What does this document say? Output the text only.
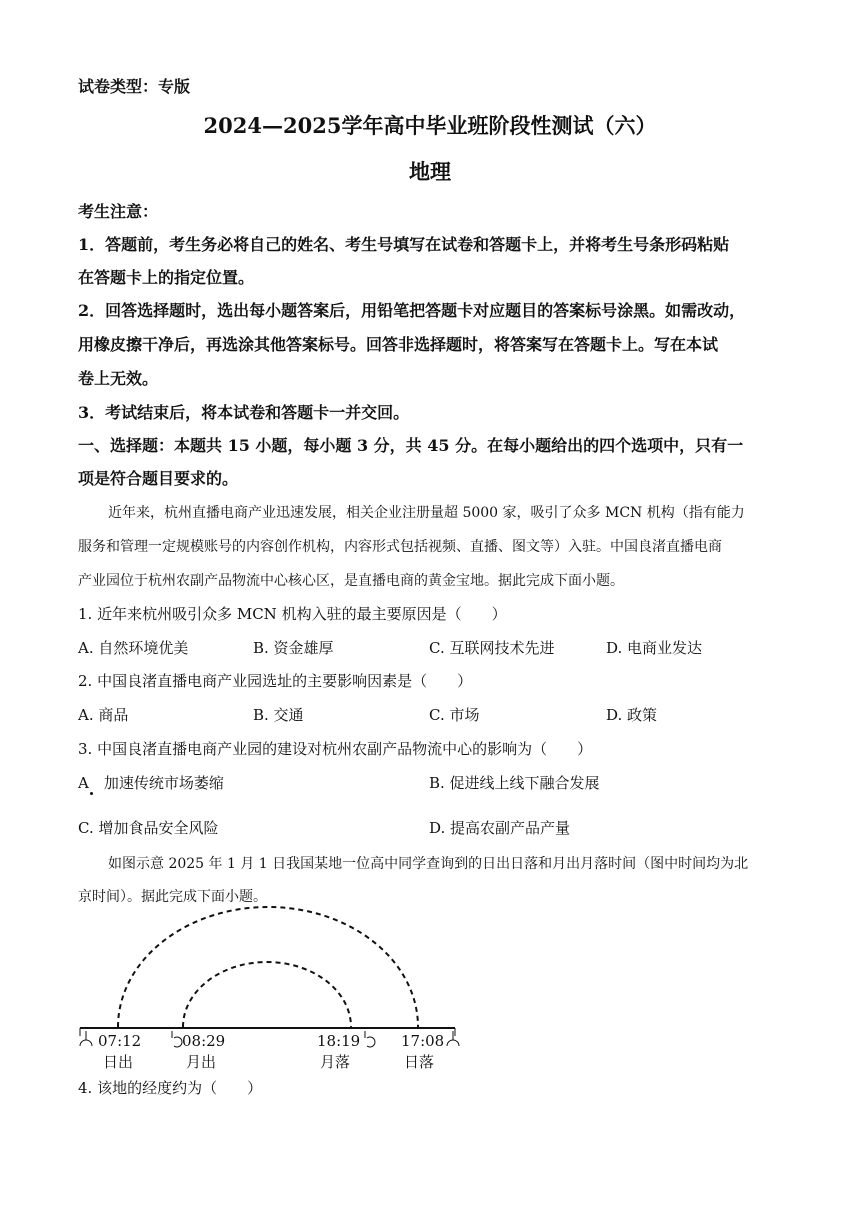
试卷类型：专版
2024—2025学年高中毕业班阶段性测试（六）
地理
考生注意：
1．答题前，考生务必将自己的姓名、考生号填写在试卷和答题卡上，并将考生号条形码粘贴
在答题卡上的指定位置。
2．回答选择题时，选出每小题答案后，用铅笔把答题卡对应题目的答案标号涂黑。如需改动，
用橡皮擦干净后，再选涂其他答案标号。回答非选择题时，将答案写在答题卡上。写在本试
卷上无效。
3．考试结束后，将本试卷和答题卡一并交回。
一、选择题：本题共 15 小题，每小题 3 分，共 45 分。在每小题给出的四个选项中，只有一
项是符合题目要求的。
近年来，杭州直播电商产业迅速发展，相关企业注册量超 5000 家，吸引了众多 MCN 机构（指有能力
服务和管理一定规模账号的内容创作机构，内容形式包括视频、直播、图文等）入驻。中国良渚直播电商
产业园位于杭州农副产品物流中心核心区，是直播电商的黄金宝地。据此完成下面小题。
1. 近年来杭州吸引众多 MCN 机构入驻的最主要原因是（　　）
A. 自然环境优美	B. 资金雄厚	C. 互联网技术先进	D. 电商业发达
2. 中国良渚直播电商产业园选址的主要影响因素是（　　）
A. 商品	B. 交通	C. 市场	D. 政策
3. 中国良渚直播电商产业园的建设对杭州农副产品物流中心的影响为（　　）
A　加速传统市场萎缩	B. 促进线上线下融合发展
C. 增加食品安全风险	D. 提高农副产品产量
如图示意 2025 年 1 月 1 日我国某地一位高中同学查询到的日出日落和月出月落时间（图中时间均为北
京时间）。据此完成下面小题。
07:12
日出
08:29
月出
18:19
月落
17:08
日落
4. 该地的经度约为（　　）
